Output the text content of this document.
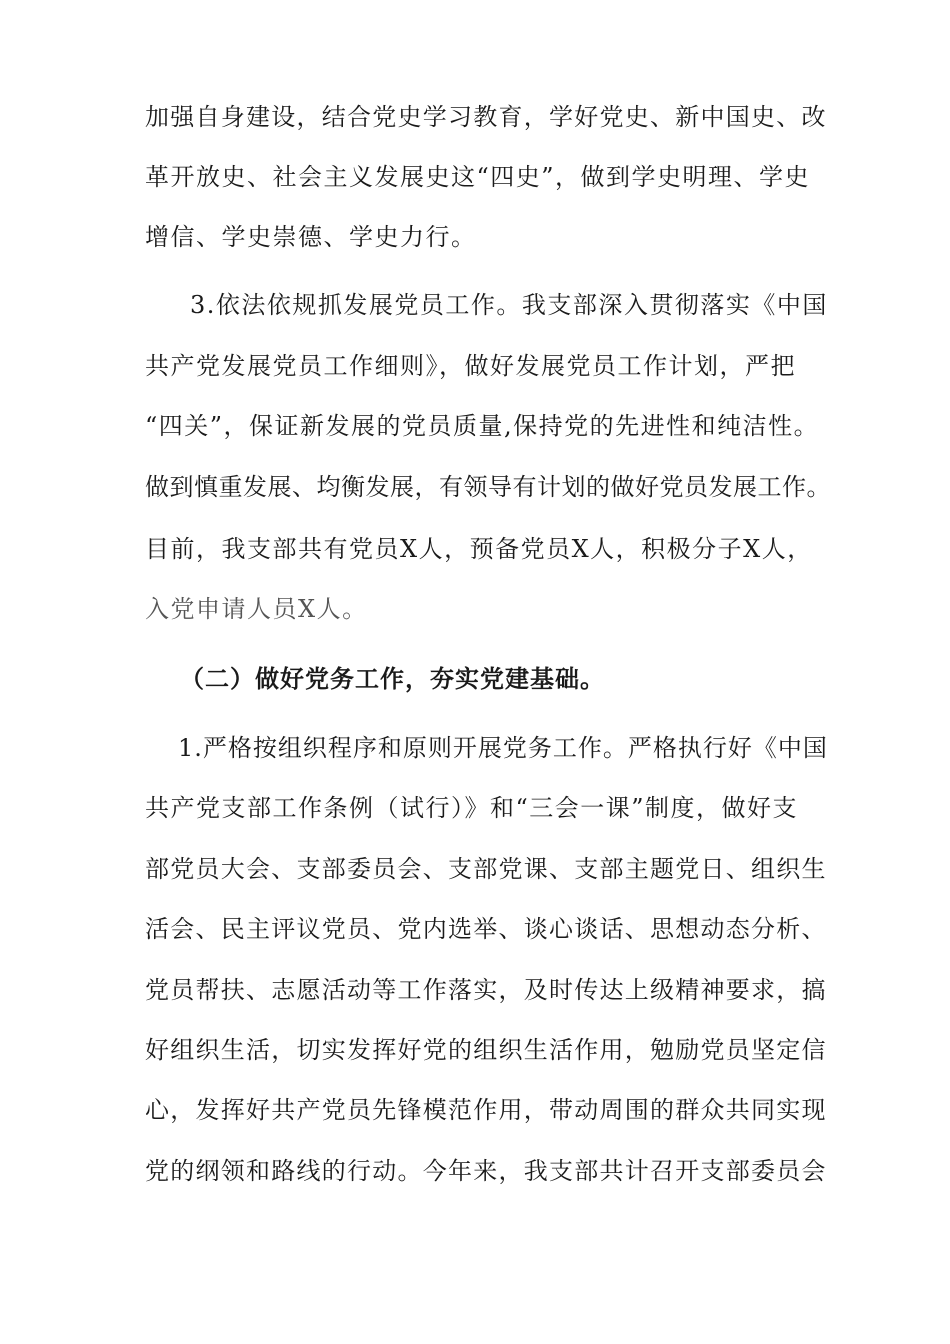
加强自身建设，结合党史学习教育，学好党史、新中国史、改

革开放史、社会主义发展史这“四史”，做到学史明理、学史

增信、学史崇德、学史力行。

3.依法依规抓发展党员工作。我支部深入贯彻落实《中国

共产党发展党员工作细则》，做好发展党员工作计划，严把

“四关”，保证新发展的党员质量,保持党的先进性和纯洁性。

做到慎重发展、均衡发展，有领导有计划的做好党员发展工作。

目前，我支部共有党员X人，预备党员X人，积极分子X人，

入党申请人员X人。

（二）做好党务工作，夯实党建基础。

1.严格按组织程序和原则开展党务工作。严格执行好《中国

共产党支部工作条例（试行）》和“三会一课”制度，做好支

部党员大会、支部委员会、支部党课、支部主题党日、组织生

活会、民主评议党员、党内选举、谈心谈话、思想动态分析、

党员帮扶、志愿活动等工作落实，及时传达上级精神要求，搞

好组织生活，切实发挥好党的组织生活作用，勉励党员坚定信

心，发挥好共产党员先锋模范作用，带动周围的群众共同实现

党的纲领和路线的行动。今年来，我支部共计召开支部委员会
